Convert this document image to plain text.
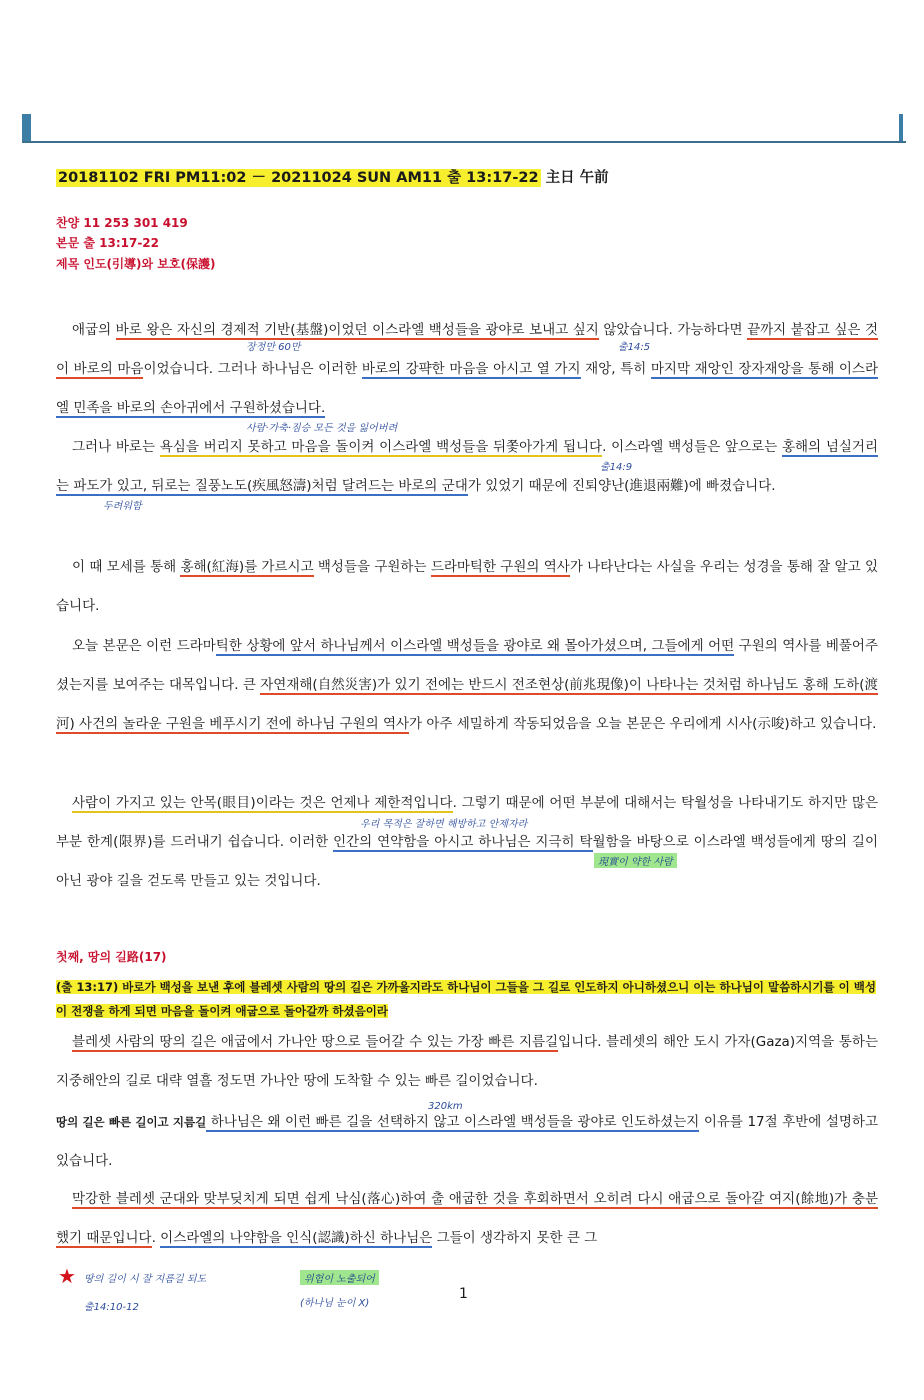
20181102 FRI PM11:02 － 20211024 SUN AM11 출 13:17-22 主日 午前
찬양 11 253 301 419
본문 출 13:17-22
제목 인도(引導)와 보호(保護)

애굽의 바로 왕은 자신의 경제적 기반(基盤)이었던 이스라엘 백성들을 광야로 보내고 싶지 않았습니다. 가능하다면 끝까지 붙잡고 싶은 것이 바로의 마음이었습니다. 그러나 하나님은 이러한 바로의 강퍅한 마음을 아시고 열 가지 재앙, 특히 마지막 재앙인 장자재앙을 통해 이스라엘 민족을 바로의 손아귀에서 구원하셨습니다.

그러나 바로는 욕심을 버리지 못하고 마음을 돌이켜 이스라엘 백성들을 뒤쫓아가게 됩니다. 이스라엘 백성들은 앞으로는 홍해의 넘실거리는 파도가 있고, 뒤로는 질풍노도(疾風怒濤)처럼 달려드는 바로의 군대가 있었기 때문에 진퇴양난(進退兩難)에 빠졌습니다.

이 때 모세를 통해 홍해(紅海)를 가르시고 백성들을 구원하는 드라마틱한 구원의 역사가 나타난다는 사실을 우리는 성경을 통해 잘 알고 있습니다.

오늘 본문은 이런 드라마틱한 상황에 앞서 하나님께서 이스라엘 백성들을 광야로 왜 몰아가셨으며, 그들에게 어떤 구원의 역사를 베풀어주셨는지를 보여주는 대목입니다. 큰 자연재해(自然災害)가 있기 전에는 반드시 전조현상(前兆現像)이 나타나는 것처럼 하나님도 홍해 도하(渡河) 사건의 놀라운 구원을 베푸시기 전에 하나님 구원의 역사가 아주 세밀하게 작동되었음을 오늘 본문은 우리에게 시사(示唆)하고 있습니다.

사람이 가지고 있는 안목(眼目)이라는 것은 언제나 제한적입니다. 그렇기 때문에 어떤 부분에 대해서는 탁월성을 나타내기도 하지만 많은 부분 한계(限界)를 드러내기 쉽습니다. 이러한 인간의 연약함을 아시고 하나님은 지극히 탁월함을 바탕으로 이스라엘 백성들에게 땅의 길이 아닌 광야 길을 걷도록 만들고 있는 것입니다.

첫째, 땅의 길路(17)

(출 13:17) 바로가 백성을 보낸 후에 블레셋 사람의 땅의 길은 가까울지라도 하나님이 그들을 그 길로 인도하지 아니하셨으니 이는 하나님이 말씀하시기를 이 백성이 전쟁을 하게 되면 마음을 돌이켜 애굽으로 돌아갈까 하셨음이라

블레셋 사람의 땅의 길은 애굽에서 가나안 땅으로 들어갈 수 있는 가장 빠른 지름길입니다. 블레셋의 해안 도시 가자(Gaza)지역을 통하는 지중해안의 길로 대략 열흘 정도면 가나안 땅에 도착할 수 있는 빠른 길이었습니다.

땅의 길은 빠른 길이고 지름길 하나님은 왜 이런 빠른 길을 선택하지 않고 이스라엘 백성들을 광야로 인도하셨는지 이유를 17절 후반에 설명하고 있습니다.

막강한 블레셋 군대와 맞부딪치게 되면 쉽게 낙심(落心)하여 출 애굽한 것을 후회하면서 오히려 다시 애굽으로 돌아갈 여지(餘地)가 충분했기 때문입니다. 이스라엘의 나약함을 인식(認識)하신 하나님은 그들이 생각하지 못한 큰 그

장정만 60만	출14:5
사람·가축·짐승 모든 것을 잃어버려
출14:9
두려워함
우리 목적은 잘하면 해방하고 안제자라
現實이 약한 사람
320km
★ 땅의 길이 시 잘 지름길 되도	위험이 노출되어
출14:10-12	(하나님 눈이 X)
1
